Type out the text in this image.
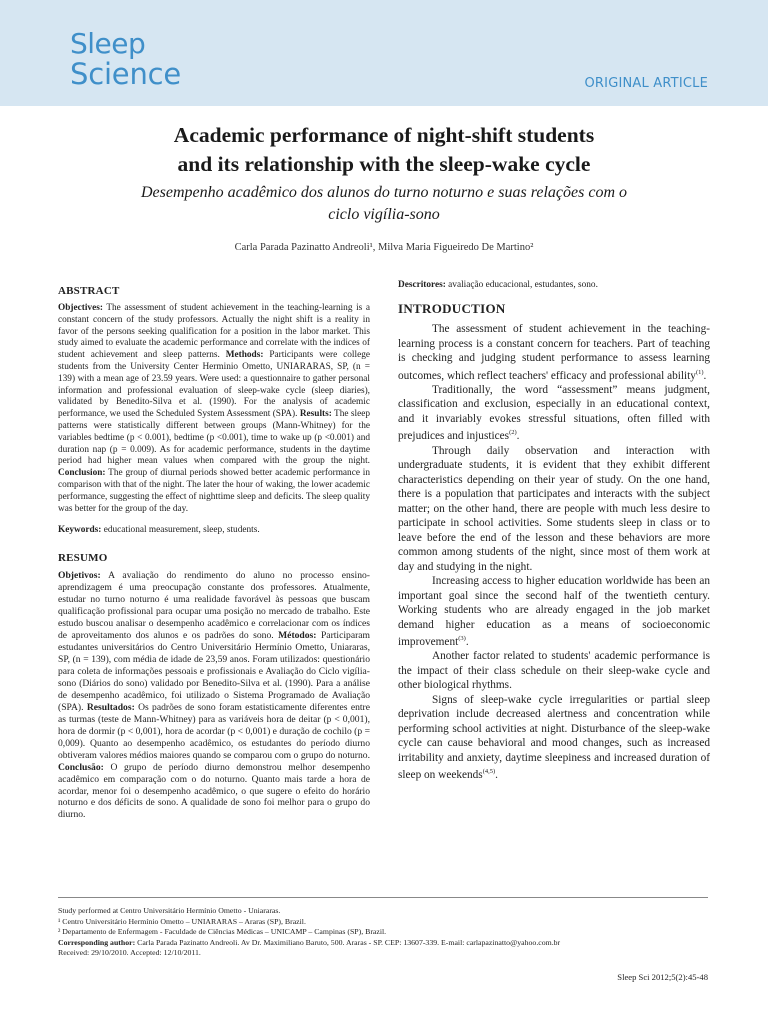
Sleep
Science	ORIGINAL ARTICLE
Academic performance of night-shift students
and its relationship with the sleep-wake cycle
Desempenho acadêmico dos alunos do turno noturno e suas relações com o
ciclo vigília-sono
Carla Parada Pazinatto Andreoli¹, Milva Maria Figueiredo De Martino²
ABSTRACT
Objectives: The assessment of student achievement in the teaching-learning is a constant concern of the study professors. Actually the night shift is a reality in favor of the persons seeking qualification for a position in the labor market. This study aimed to evaluate the academic performance and correlate with the indices of student achievement and sleep patterns. Methods: Participants were college students from the University Center Herminio Ometto, UNIARARAS, SP, (n = 139) with a mean age of 23.59 years. Were used: a questionnaire to gather personal information and professional evaluation of sleep-wake cycle (sleep diaries), validated by Benedito-Silva et al. (1990). For the analysis of academic performance, we used the Scheduled System Assessment (SPA). Results: The sleep patterns were statistically different between groups (Mann-Whitney) for the variables bedtime (p < 0.001), bedtime (p <0.001), time to wake up (p <0.001) and duration nap (p = 0.009). As for academic performance, students in the daytime period had higher mean values when compared with the group the night. Conclusion: The group of diurnal periods showed better academic performance in comparison with that of the night. The later the hour of waking, the lower academic performance, suggesting the effect of nighttime sleep and deficits. The sleep quality was better for the group of the day.
Keywords: educational measurement, sleep, students.
RESUMO
Objetivos: A avaliação do rendimento do aluno no processo ensino-aprendizagem é uma preocupação constante dos professores. Atualmente, estudar no turno noturno é uma realidade favorável às pessoas que buscam qualificação profissional para ocupar uma posição no mercado de trabalho. Este estudo buscou analisar o desempenho acadêmico e correlacionar com os índices de aproveitamento dos alunos e os padrões do sono. Métodos: Participaram estudantes universitários do Centro Universitário Hermínio Ometto, Uniararas, SP, (n = 139), com média de idade de 23,59 anos. Foram utilizados: questionário para coleta de informações pessoais e profissionais e Avaliação do Ciclo vigília-sono (Diários do sono) validado por Benedito-Silva et al. (1990). Para a análise de desempenho acadêmico, foi utilizado o Sistema Programado de Avaliação (SPA). Resultados: Os padrões de sono foram estatisticamente diferentes entre as turmas (teste de Mann-Whitney) para as variáveis hora de deitar (p < 0,001), hora de dormir (p < 0,001), hora de acordar (p < 0,001) e duração de cochilo (p = 0,009). Quanto ao desempenho acadêmico, os estudantes do período diurno obtiveram valores médios maiores quando se comparou com o grupo do noturno. Conclusão: O grupo de período diurno demonstrou melhor desempenho acadêmico em comparação com o do noturno. Quanto mais tarde a hora de acordar, menor foi o desempenho acadêmico, o que sugere o efeito do horário noturno e dos déficits de sono. A qualidade de sono foi melhor para o grupo do diurno.
Descritores: avaliação educacional, estudantes, sono.
INTRODUCTION

The assessment of student achievement in the teaching-learning process is a constant concern for teachers. Part of teaching is checking and judging student performance to assess learning outcomes, which reflect teachers' efficacy and professional ability$^{(1)}$.

Traditionally, the word “assessment” means judgment, classification and exclusion, especially in an educational context, and it invariably evokes stressful situations, often filled with prejudices and injustices$^{(2)}$.

Through daily observation and interaction with undergraduate students, it is evident that they exhibit different characteristics depending on their year of study. On the one hand, there is a population that participates and interacts with the subject matter; on the other hand, there are people with much less desire to participate in school activities. Some students sleep in class or to leave before the end of the lesson and these behaviors are more common among students of the night, since most of them work at day and studying in the night.

Increasing access to higher education worldwide has been an important goal since the second half of the twentieth century. Working students who are already engaged in the job market demand higher education as a means of socioeconomic improvement$^{(3)}$.

Another factor related to students' academic performance is the impact of their class schedule on their sleep-wake cycle and other biological rhythms.

Signs of sleep-wake cycle irregularities or partial sleep deprivation include decreased alertness and concentration while performing school activities at night. Disturbance of the sleep-wake cycle can cause behavioral and mood changes, such as increased irritability and anxiety, daytime sleepiness and increased duration of sleep on weekends$^{(4,5)}$.

Study performed at Centro Universitário Hermínio Ometto - Uniararas.
¹ Centro Universitário Hermínio Ometto – UNIARARAS – Araras (SP), Brazil.
² Departamento de Enfermagem - Faculdade de Ciências Médicas – UNICAMP – Campinas (SP), Brazil.
Corresponding author: Carla Parada Pazinatto Andreoli. Av Dr. Maximiliano Baruto, 500. Araras - SP. CEP: 13607-339. E-mail: carlapazinatto@yahoo.com.br
Received: 29/10/2010. Accepted: 12/10/2011.
Sleep Sci 2012;5(2):45-48
